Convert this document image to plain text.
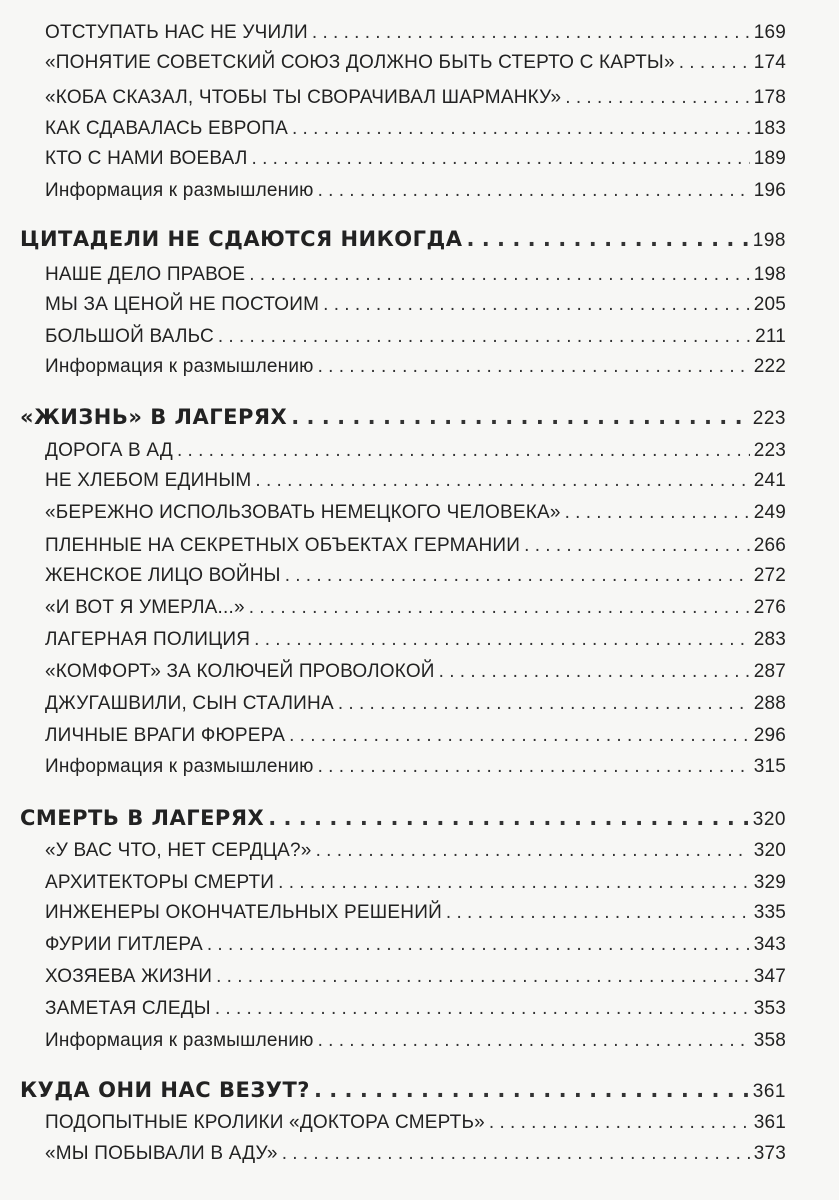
ОТСТУПАТЬ НАС НЕ УЧИЛИ . . .	169
«ПОНЯТИЕ СОВЕТСКИЙ СОЮЗ ДОЛЖНО БЫТЬ СТЕРТО С КАРТЫ» . . .	174
«КОБА СКАЗАЛ, ЧТОБЫ ТЫ СВОРАЧИВАЛ ШАРМАНКУ» . . .	178
КАК СДАВАЛАСЬ ЕВРОПА . . .	183
КТО С НАМИ ВОЕВАЛ . . .	189
Информация к размышлению . . .	196
ЦИТАДЕЛИ НЕ СДАЮТСЯ НИКОГДА . . .	198
НАШЕ ДЕЛО ПРАВОЕ . . .	198
МЫ ЗА ЦЕНОЙ НЕ ПОСТОИМ . . .	205
БОЛЬШОЙ ВАЛЬС . . .	211
Информация к размышлению . . .	222
«ЖИЗНЬ» В ЛАГЕРЯХ . . .	223
ДОРОГА В АД . . .	223
НЕ ХЛЕБОМ ЕДИНЫМ . . .	241
«БЕРЕЖНО ИСПОЛЬЗОВАТЬ НЕМЕЦКОГО ЧЕЛОВЕКА» . . .	249
ПЛЕННЫЕ НА СЕКРЕТНЫХ ОБЪЕКТАХ ГЕРМАНИИ . . .	266
ЖЕНСКОЕ ЛИЦО ВОЙНЫ . . .	272
«И ВОТ Я УМЕРЛА...» . . .	276
ЛАГЕРНАЯ ПОЛИЦИЯ . . .	283
«КОМФОРТ» ЗА КОЛЮЧЕЙ ПРОВОЛОКОЙ . . .	287
ДЖУГАШВИЛИ, СЫН СТАЛИНА . . .	288
ЛИЧНЫЕ ВРАГИ ФЮРЕРА . . .	296
Информация к размышлению . . .	315
СМЕРТЬ В ЛАГЕРЯХ . . .	320
«У ВАС ЧТО, НЕТ СЕРДЦА?» . . .	320
АРХИТЕКТОРЫ СМЕРТИ . . .	329
ИНЖЕНЕРЫ ОКОНЧАТЕЛЬНЫХ РЕШЕНИЙ . . .	335
ФУРИИ ГИТЛЕРА . . .	343
ХОЗЯЕВА ЖИЗНИ . . .	347
ЗАМЕТАЯ СЛЕДЫ . . .	353
Информация к размышлению . . .	358
КУДА ОНИ НАС ВЕЗУТ? . . .	361
ПОДОПЫТНЫЕ КРОЛИКИ «ДОКТОРА СМЕРТЬ» . . .	361
«МЫ ПОБЫВАЛИ В АДУ» . . .	373
